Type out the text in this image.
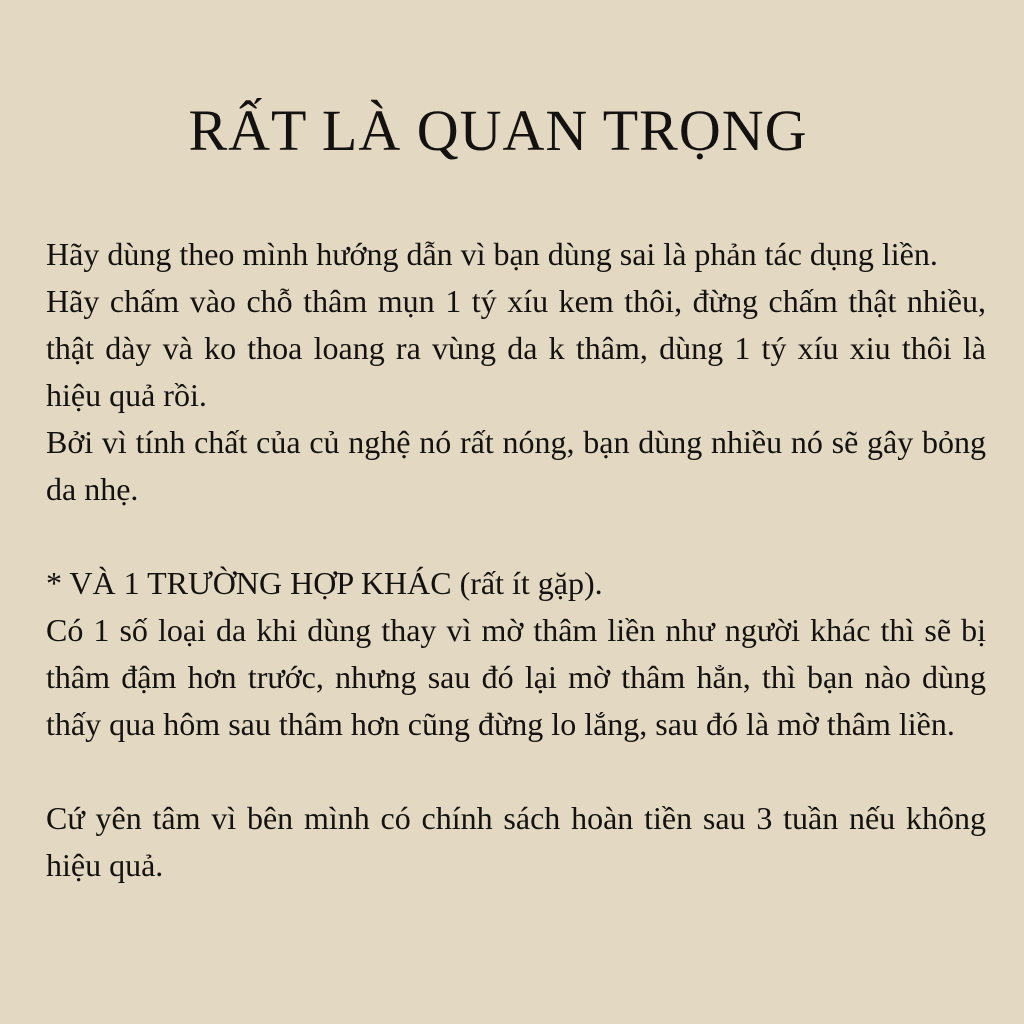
RẤT LÀ QUAN TRỌNG

Hãy dùng theo mình hướng dẫn vì bạn dùng sai là phản tác dụng liền.

Hãy chấm vào chỗ thâm mụn 1 tý xíu kem thôi, đừng chấm thật nhiều, thật dày và ko thoa loang ra vùng da k thâm, dùng 1 tý xíu xiu thôi là hiệu quả rồi.

Bởi vì tính chất của củ nghệ nó rất nóng, bạn dùng nhiều nó sẽ gây bỏng da nhẹ.

* VÀ 1 TRƯỜNG HỢP KHÁC (rất ít gặp).

Có 1 số loại da khi dùng thay vì mờ thâm liền như người khác thì sẽ bị thâm đậm hơn trước, nhưng sau đó lại mờ thâm hẳn, thì bạn nào dùng thấy qua hôm sau thâm hơn cũng đừng lo lắng, sau đó là mờ thâm liền.

Cứ yên tâm vì bên mình có chính sách hoàn tiền sau 3 tuần nếu không hiệu quả.
